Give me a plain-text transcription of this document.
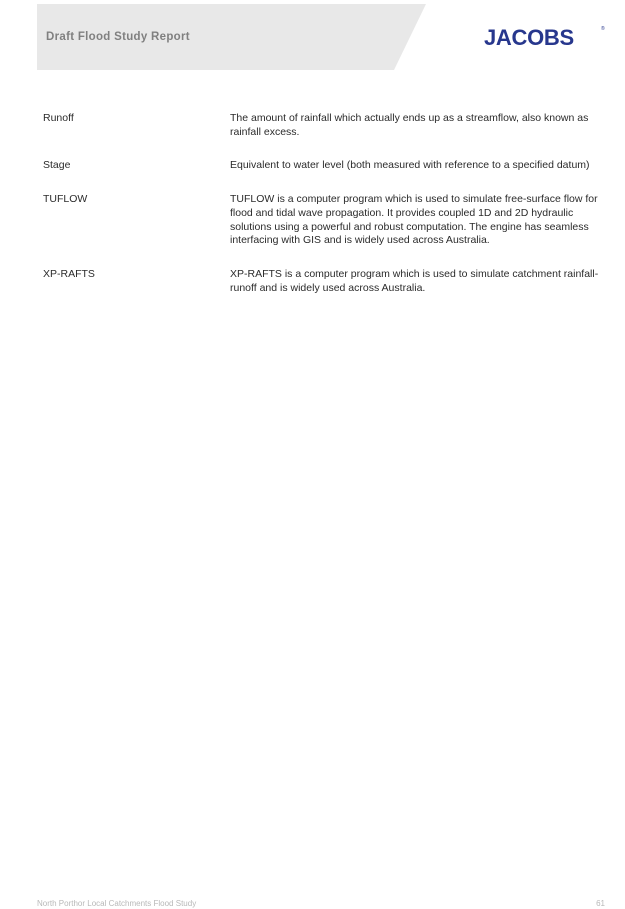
Draft Flood Study Report	JACOBS	®
Runoff	The amount of rainfall which actually ends up as a streamflow, also known as rainfall excess.
Stage	Equivalent to water level (both measured with reference to a specified datum)
TUFLOW	TUFLOW is a computer program which is used to simulate free-surface flow for flood and tidal wave propagation. It provides coupled 1D and 2D hydraulic solutions using a powerful and robust computation. The engine has seamless interfacing with GIS and is widely used across Australia.
XP-RAFTS	XP-RAFTS is a computer program which is used to simulate catchment rainfall-runoff and is widely used across Australia.
North Porthor Local Catchments Flood Study	61
